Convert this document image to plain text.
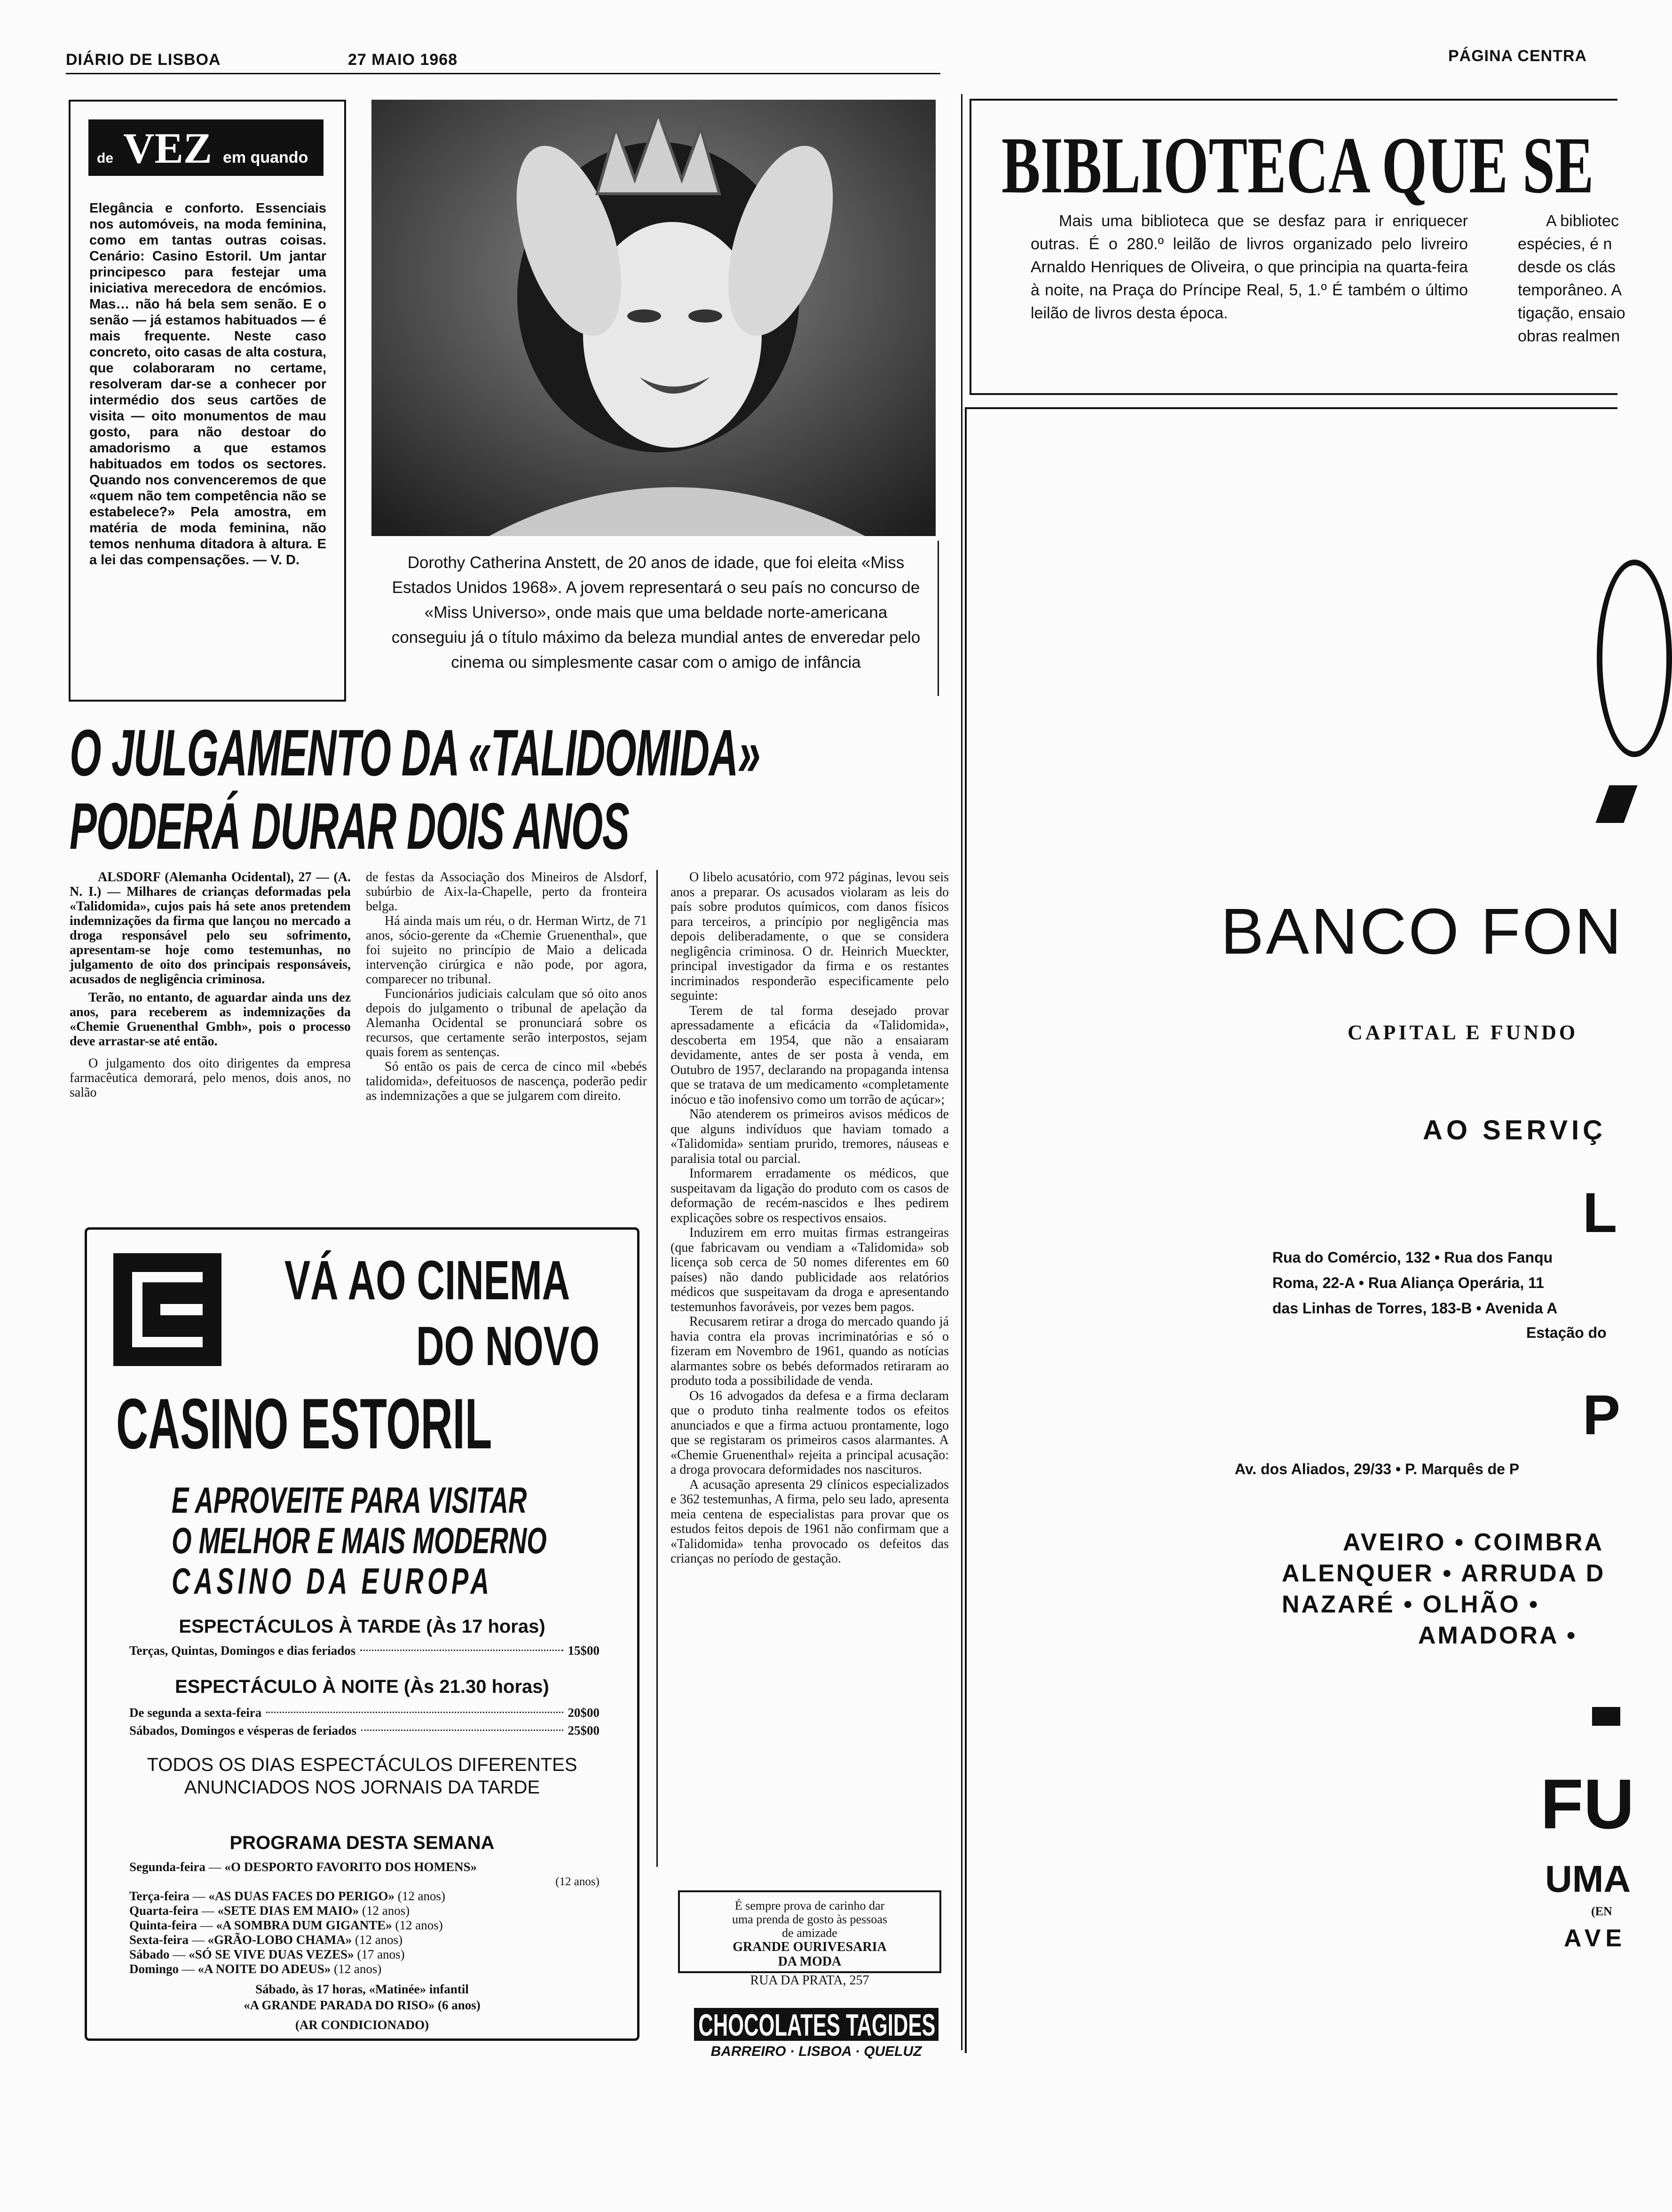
DIÁRIO DE LISBOA	27 MAIO 1968	PÁGINA CENTRA
de VEZ em quando
Elegância e conforto. Essenciais nos automóveis, na moda feminina, como em tantas outras coisas. Cenário: Casino Estoril. Um jantar principesco para festejar uma iniciativa merecedora de encómios. Mas… não há bela sem senão. E o senão — já estamos habituados — é mais frequente. Neste caso concreto, oito casas de alta costura, que colaboraram no certame, resolveram dar-se a conhecer por intermédio dos seus cartões de visita — oito monumentos de mau gosto, para não destoar do amadorismo a que estamos habituados em todos os sectores. Quando nos convenceremos de que «quem não tem competência não se estabelece?» Pela amostra, em matéria de moda feminina, não temos nenhuma ditadora à altura. E a lei das compensações. — V. D.	Dorothy Catherina Anstett, de 20 anos de idade, que foi eleita «Miss Estados Unidos 1968». A jovem representará o seu país no concurso de «Miss Universo», onde mais que uma beldade norte-americana conseguiu já o título máximo da beleza mundial antes de enveredar pelo cinema ou simplesmente casar com o amigo de infância
O JULGAMENTO DA «TALIDOMIDA»
PODERÁ DURAR DOIS ANOS

ALSDORF (Alemanha Ocidental), 27 — (A. N. I.) — Milhares de crianças deformadas pela «Talidomida», cujos pais há sete anos pretendem indemnizações da firma que lançou no mercado a droga responsável pelo seu sofrimento, apresentam-se hoje como testemunhas, no julgamento de oito dos principais responsáveis, acusados de negligência criminosa.

Terão, no entanto, de aguardar ainda uns dez anos, para receberem as indemnizações da «Chemie Gruenenthal Gmbh», pois o processo deve arrastar-se até então.

O julgamento dos oito dirigentes da empresa farmacêutica demorará, pelo menos, dois anos, no salão

de festas da Associação dos Mineiros de Alsdorf, subúrbio de Aix-la-Chapelle, perto da fronteira belga.

Há ainda mais um réu, o dr. Herman Wirtz, de 71 anos, sócio-gerente da «Chemie Gruenenthal», que foi sujeito no princípio de Maio a delicada intervenção cirúrgica e não pode, por agora, comparecer no tribunal.

Funcionários judiciais calculam que só oito anos depois do julgamento o tribunal de apelação da Alemanha Ocidental se pronunciará sobre os recursos, que certamente serão interpostos, sejam quais forem as sentenças.

Só então os pais de cerca de cinco mil «bebés talidomida», defeituosos de nascença, poderão pedir as indemnizações a que se julgarem com direito.

O libelo acusatório, com 972 páginas, levou seis anos a preparar. Os acusados violaram as leis do país sobre produtos químicos, com danos físicos para terceiros, a princípio por negligência mas depois deliberadamente, o que se considera negligência criminosa. O dr. Heinrich Mueckter, principal investigador da firma e os restantes incriminados responderão especificamente pelo seguinte:

Terem de tal forma desejado provar apressadamente a eficácia da «Talidomida», descoberta em 1954, que não a ensaiaram devidamente, antes de ser posta à venda, em Outubro de 1957, declarando na propaganda intensa que se tratava de um medicamento «completamente inócuo e tão inofensivo como um torrão de açúcar»;

Não atenderem os primeiros avisos médicos de que alguns indivíduos que haviam tomado a «Talidomida» sentiam prurido, tremores, náuseas e paralisia total ou parcial.

Informarem erradamente os médicos, que suspeitavam da ligação do produto com os casos de deformação de recém-nascidos e lhes pedirem explicações sobre os respectivos ensaios.

Induzirem em erro muitas firmas estrangeiras (que fabricavam ou vendiam a «Talidomida» sob licença sob cerca de 50 nomes diferentes em 60 países) não dando publicidade aos relatórios médicos que suspeitavam da droga e apresentando testemunhos favoráveis, por vezes bem pagos.

Recusarem retirar a droga do mercado quando já havia contra ela provas incriminatórias e só o fizeram em Novembro de 1961, quando as notícias alarmantes sobre os bebés deformados retiraram ao produto toda a possibilidade de venda.

Os 16 advogados da defesa e a firma declaram que o produto tinha realmente todos os efeitos anunciados e que a firma actuou prontamente, logo que se registaram os primeiros casos alarmantes. A «Chemie Gruenenthal» rejeita a principal acusação: a droga provocara deformidades nos nascituros.

A acusação apresenta 29 clínicos especializados e 362 testemunhas, A firma, pelo seu lado, apresenta meia centena de especialistas para provar que os estudos feitos depois de 1961 não confirmam que a «Talidomida» tenha provocado os defeitos das crianças no período de gestação.

VÁ AO CINEMA
DO NOVO
CASINO ESTORIL
E APROVEITE PARA VISITAR
O MELHOR E MAIS MODERNO
CASINO DA EUROPA
ESPECTÁCULOS À TARDE (Às 17 horas)
Terças, Quintas, Domingos e dias feriados	15$00
ESPECTÁCULO À NOITE (Às 21.30 horas)
De segunda a sexta-feira	20$00
Sábados, Domingos e vésperas de feriados	25$00
TODOS OS DIAS ESPECTÁCULOS DIFERENTES
ANUNCIADOS NOS JORNAIS DA TARDE
PROGRAMA DESTA SEMANA
Segunda-feira — «O DESPORTO FAVORITO DOS HOMENS»
(12 anos)
Terça-feira — «AS DUAS FACES DO PERIGO» (12 anos)
Quarta-feira — «SETE DIAS EM MAIO» (12 anos)
Quinta-feira — «A SOMBRA DUM GIGANTE» (12 anos)
Sexta-feira — «GRÃO-LOBO CHAMA» (12 anos)
Sábado — «SÓ SE VIVE DUAS VEZES» (17 anos)
Domingo — «A NOITE DO ADEUS» (12 anos)
Sábado, às 17 horas, «Matinée» infantil
«A GRANDE PARADA DO RISO» (6 anos)
(AR CONDICIONADO)
É sempre prova de carinho dar
uma prenda de gosto às pessoas
de amizade
GRANDE OURIVESARIA
DA MODA
RUA DA PRATA, 257
CHOCOLATES TAGIDES
BARREIRO · LISBOA · QUELUZ
BIBLIOTECA QUE SE
Mais uma biblioteca que se desfaz para ir enriquecer outras. É o 280.º leilão de livros organizado pelo livreiro Arnaldo Henriques de Oliveira, o que principia na quarta-feira à noite, na Praça do Príncipe Real, 5, 1.º É também o último leilão de livros desta época.
A bibliotec
espécies, é n
desde os clás
temporâneo. A
tigação, ensaio
obras realmen
BANCO FON
CAPITAL E FUNDO
AO SERVIÇ
L
Rua do Comércio, 132 • Rua dos Fanqu
Roma, 22-A • Rua Aliança Operária, 11
das Linhas de Torres, 183-B • Avenida A
Estação do
P
Av. dos Aliados, 29/33 • P. Marquês de P
AVEIRO • COIMBRA
ALENQUER • ARRUDA D
NAZARÉ • OLHÃO •
AMADORA •
FU
UMA
(EN
AVE
